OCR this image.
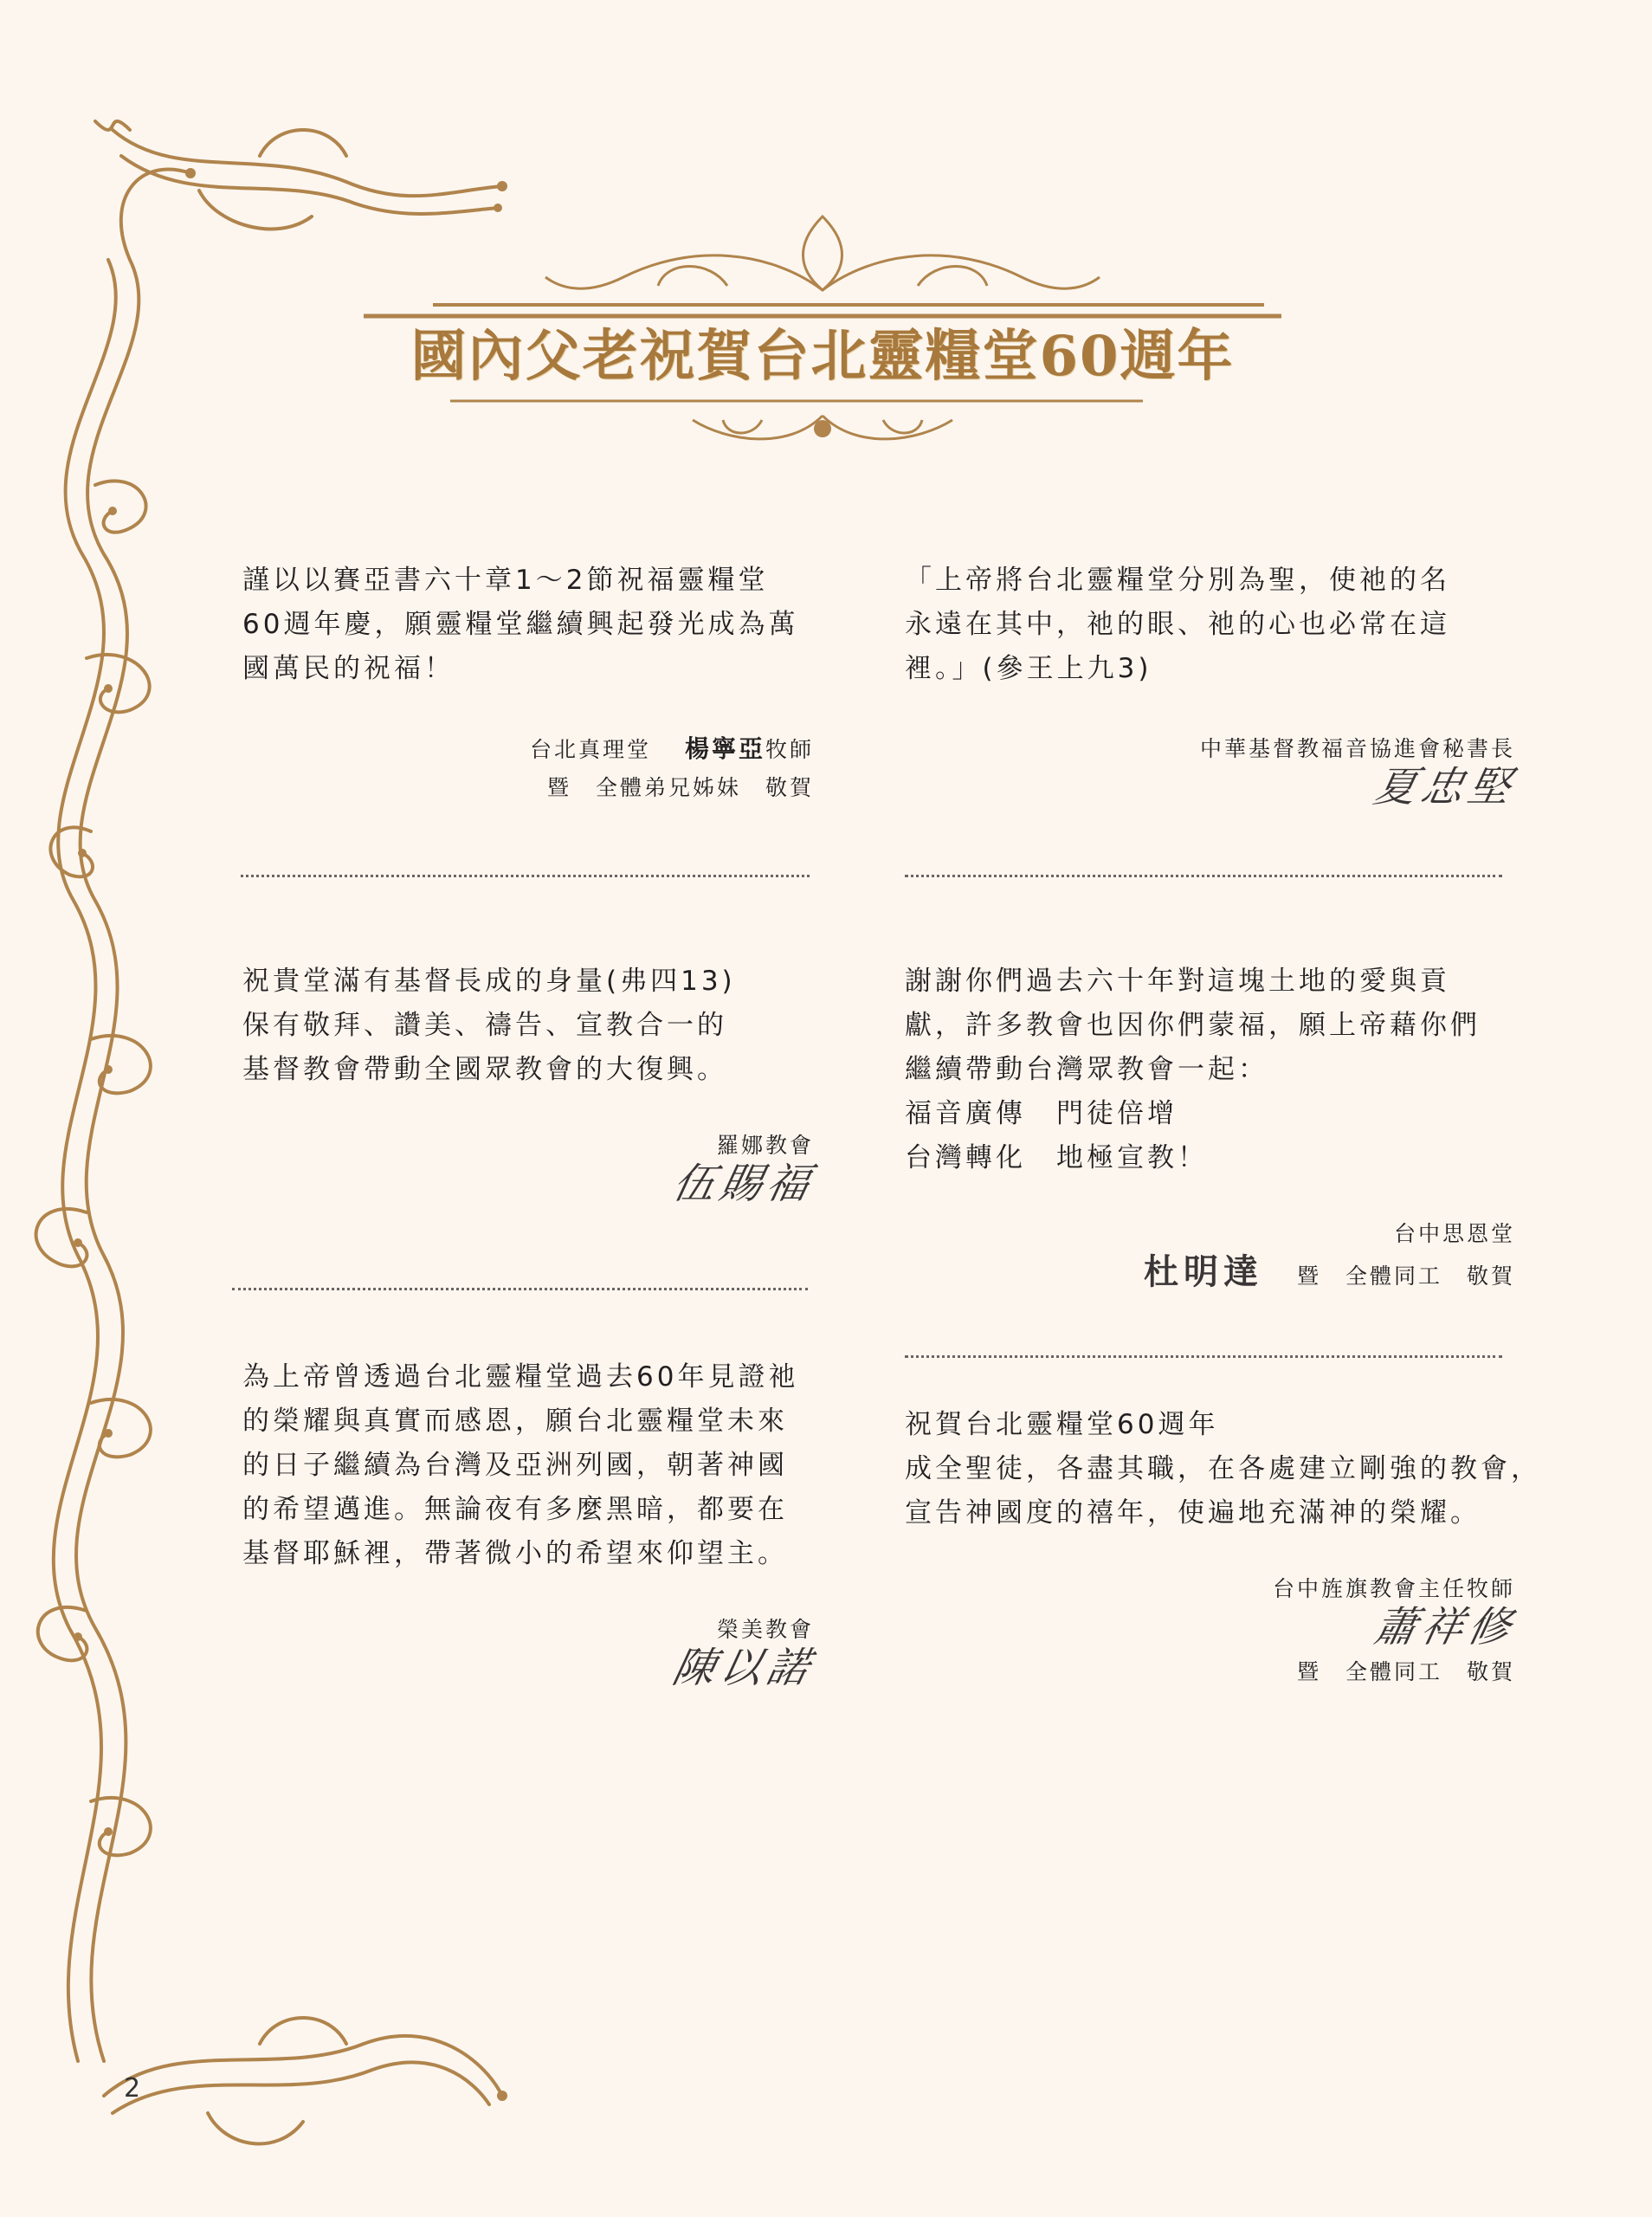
國內父老祝賀台北靈糧堂60週年
謹以以賽亞書六十章1～2節祝福靈糧堂
60週年慶，願靈糧堂繼續興起發光成為萬
國萬民的祝福！
台北真理堂　 楊寧亞牧師
暨　全體弟兄姊妹　敬賀
「上帝將台北靈糧堂分別為聖，使祂的名
永遠在其中，祂的眼、祂的心也必常在這
裡。」(參王上九3)
中華基督教福音協進會秘書長
夏忠堅
祝貴堂滿有基督長成的身量(弗四13)
保有敬拜、讚美、禱告、宣教合一的
基督教會帶動全國眾教會的大復興。
羅娜教會
伍賜福
謝謝你們過去六十年對這塊土地的愛與貢
獻，許多教會也因你們蒙福，願上帝藉你們
繼續帶動台灣眾教會一起：
福音廣傳　門徒倍增
台灣轉化　地極宣教！
台中思恩堂
杜明達　 暨　全體同工　敬賀
為上帝曾透過台北靈糧堂過去60年見證祂
的榮耀與真實而感恩，願台北靈糧堂未來
的日子繼續為台灣及亞洲列國，朝著神國
的希望邁進。無論夜有多麼黑暗，都要在
基督耶穌裡，帶著微小的希望來仰望主。
榮美教會
陳以諾
祝賀台北靈糧堂60週年
成全聖徒，各盡其職，在各處建立剛強的教會，
宣告神國度的禧年，使遍地充滿神的榮耀。
台中旌旗教會主任牧師
蕭祥修
暨　全體同工　敬賀
2
